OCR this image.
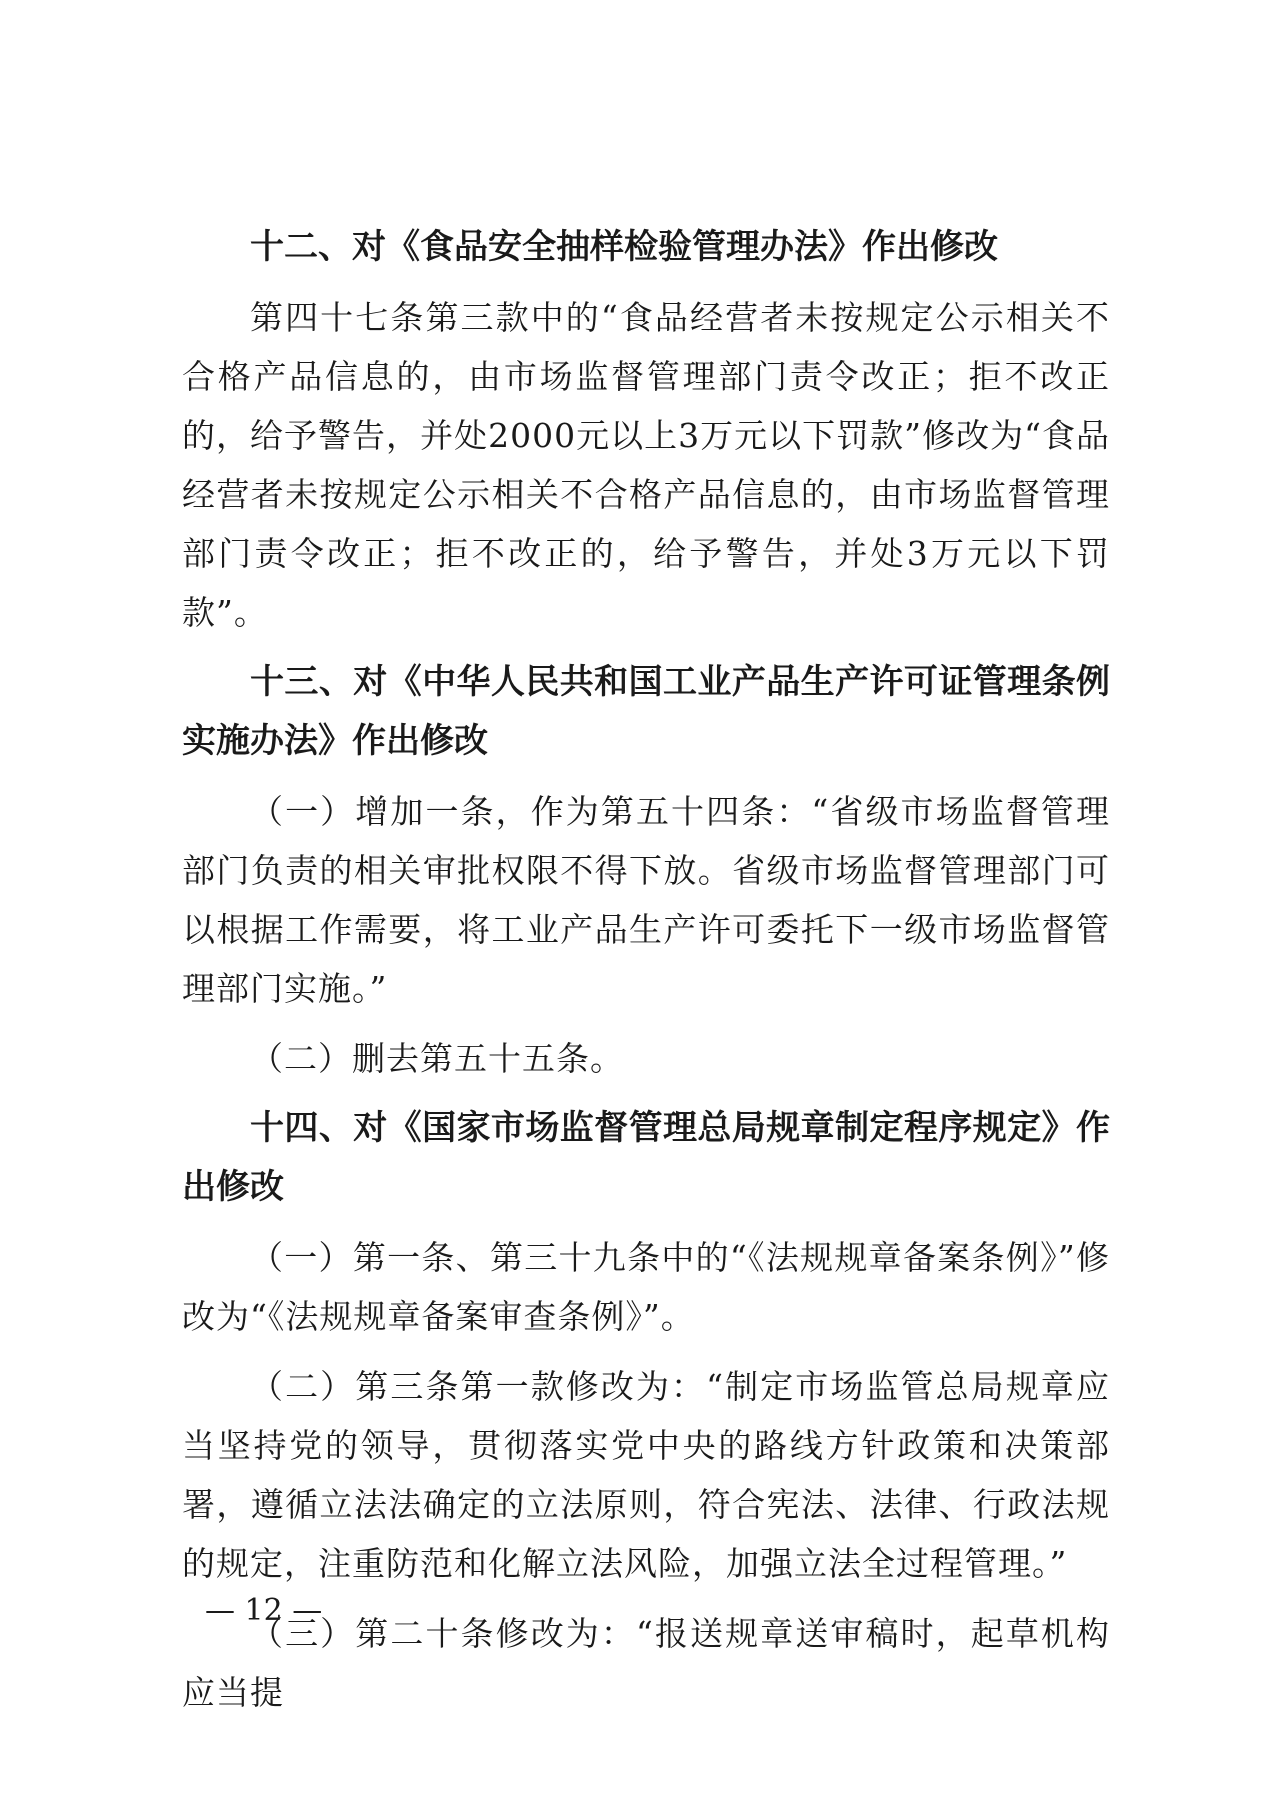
十二、对《食品安全抽样检验管理办法》作出修改

第四十七条第三款中的“食品经营者未按规定公示相关不合格产品信息的，由市场监督管理部门责令改正；拒不改正的，给予警告，并处2000元以上3万元以下罚款”修改为“食品经营者未按规定公示相关不合格产品信息的，由市场监督管理部门责令改正；拒不改正的，给予警告，并处3万元以下罚款”。

十三、对《中华人民共和国工业产品生产许可证管理条例实施办法》作出修改

（一）增加一条，作为第五十四条：“省级市场监督管理部门负责的相关审批权限不得下放。省级市场监督管理部门可以根据工作需要，将工业产品生产许可委托下一级市场监督管理部门实施。”

（二）删去第五十五条。

十四、对《国家市场监督管理总局规章制定程序规定》作出修改

（一）第一条、第三十九条中的“《法规规章备案条例》”修改为“《法规规章备案审查条例》”。

（二）第三条第一款修改为：“制定市场监管总局规章应当坚持党的领导，贯彻落实党中央的路线方针政策和决策部署，遵循立法法确定的立法原则，符合宪法、法律、行政法规的规定，注重防范和化解立法风险，加强立法全过程管理。”

（三）第二十条修改为：“报送规章送审稿时，起草机构应当提

— 12 —
